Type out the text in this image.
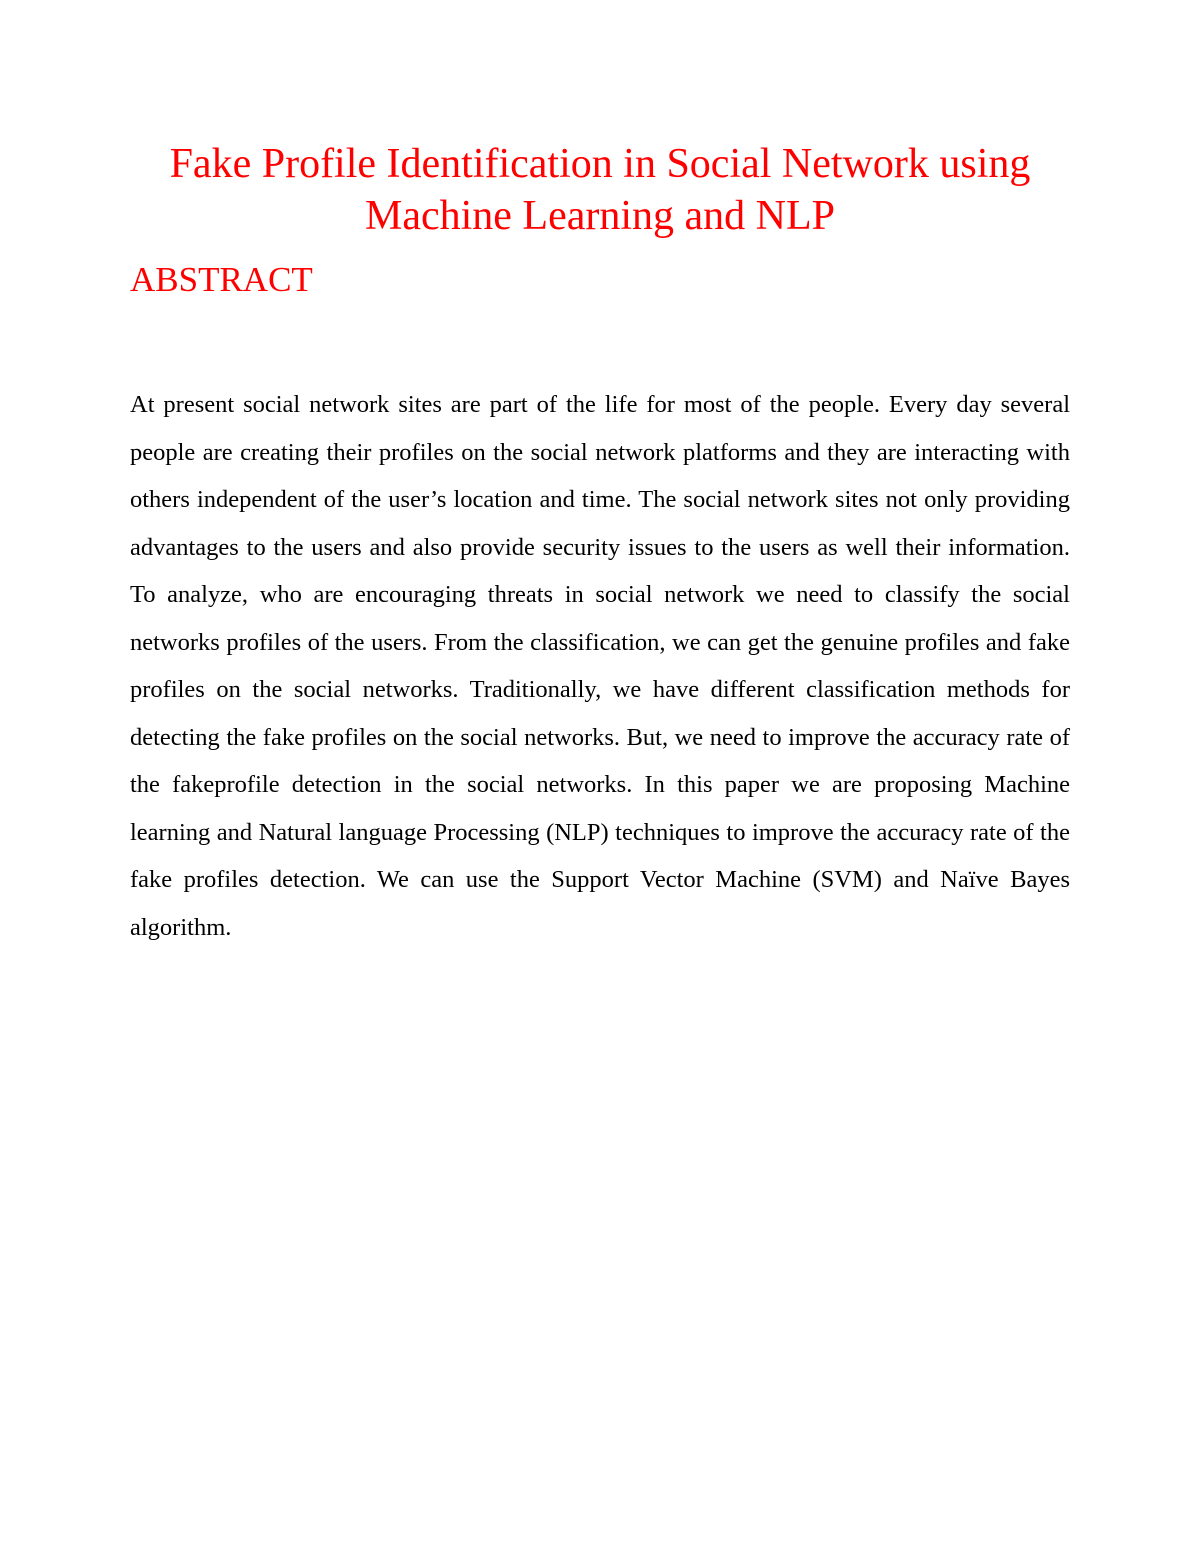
Fake Profile Identification in Social Network using Machine Learning and NLP
ABSTRACT

At present social network sites are part of the life for most of the people. Every day several people are creating their profiles on the social network platforms and they are interacting with others independent of the user’s location and time. The social network sites not only providing advantages to the users and also provide security issues to the users as well their information. To analyze, who are encouraging threats in social network we need to classify the social networks profiles of the users. From the classification, we can get the genuine profiles and fake profiles on the social networks. Traditionally, we have different classification methods for detecting the fake profiles on the social networks. But, we need to improve the accuracy rate of the fakeprofile detection in the social networks. In this paper we are proposing Machine learning and Natural language Processing (NLP) techniques to improve the accuracy rate of the fake profiles detection. We can use the Support Vector Machine (SVM) and Naïve Bayes algorithm.
